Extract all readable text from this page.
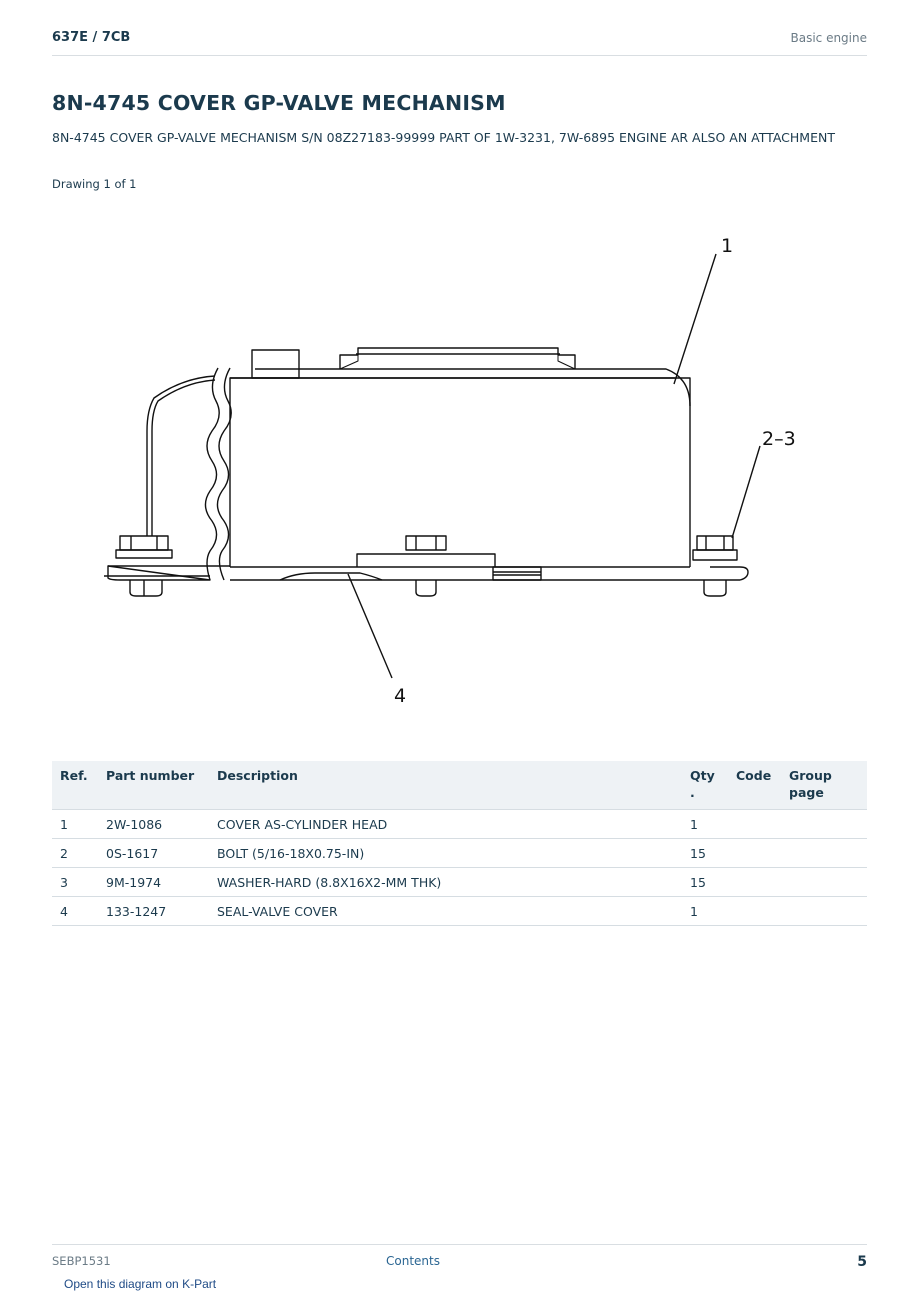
637E / 7CB	Basic engine
8N-4745 COVER GP-VALVE MECHANISM
8N-4745 COVER GP-VALVE MECHANISM S/N 08Z27183-99999 PART OF 1W-3231, 7W-6895 ENGINE AR ALSO AN ATTACHMENT
Drawing 1 of 1
1
2–3
4
Ref.	Part number	Description	Qty .	Code	Group page
1	2W-1086	COVER AS-CYLINDER HEAD	1		
2	0S-1617	BOLT (5/16-18X0.75-IN)	15		
3	9M-1974	WASHER-HARD (8.8X16X2-MM THK)	15		
4	133-1247	SEAL-VALVE COVER	1		
SEBP1531	Contents	5
Open this diagram on K-Part
